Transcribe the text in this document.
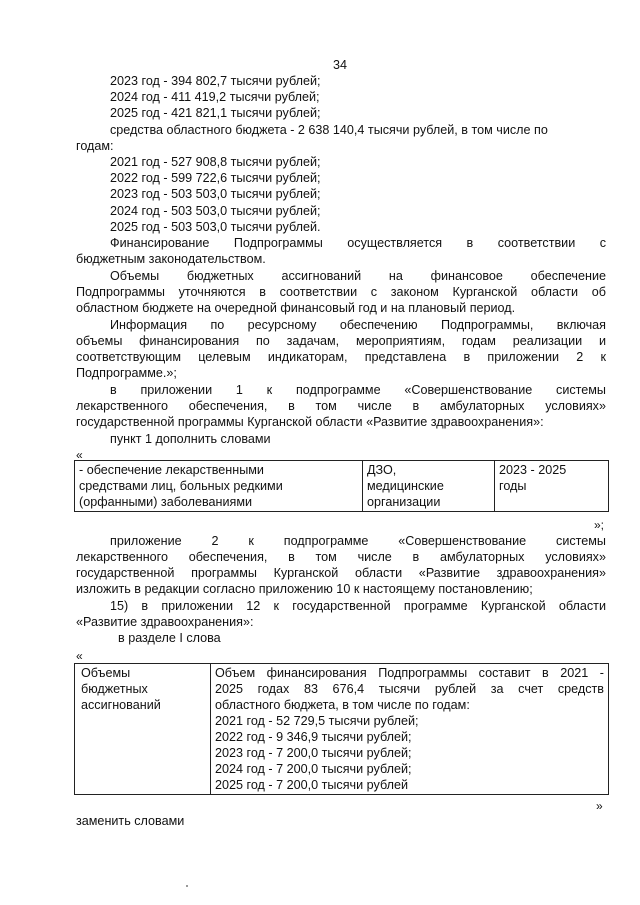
34
2023 год - 394 802,7 тысячи рублей;
2024 год - 411 419,2 тысячи рублей;
2025 год - 421 821,1 тысячи рублей;
средства областного бюджета - 2 638 140,4 тысячи рублей, в том числе по
годам:
2021 год - 527 908,8 тысячи рублей;
2022 год - 599 722,6 тысячи рублей;
2023 год - 503 503,0 тысячи рублей;
2024 год - 503 503,0 тысячи рублей;
2025 год - 503 503,0 тысячи рублей.
Финансирование Подпрограммы осуществляется в соответствии с
бюджетным законодательством.
Объемы бюджетных ассигнований на финансовое обеспечение
Подпрограммы уточняются в соответствии с законом Курганской области об
областном бюджете на очередной финансовый год и на плановый период.
Информация по ресурсному обеспечению Подпрограммы, включая
объемы финансирования по задачам, мероприятиям, годам реализации и
соответствующим целевым индикаторам, представлена в приложении 2 к
Подпрограмме.»;
в приложении 1 к подпрограмме «Совершенствование системы
лекарственного обеспечения, в том числе в амбулаторных условиях»
государственной программы Курганской области «Развитие здравоохранения»:
пункт 1 дополнить словами
«
- обеспечение лекарственными
средствами лиц, больных редкими
(орфанными) заболеваниями

ДЗО,
медицинские
организации

2023 - 2025
годы
»;
приложение 2 к подпрограмме «Совершенствование системы
лекарственного обеспечения, в том числе в амбулаторных условиях»
государственной программы Курганской области «Развитие здравоохранения»
изложить в редакции согласно приложению 10 к настоящему постановлению;
15) в приложении 12 к государственной программе Курганской области
«Развитие здравоохранения»:
в разделе I слова
«
Объемы
бюджетных
ассигнований

Объем финансирования Подпрограммы составит в 2021 -
2025 годах 83 676,4 тысячи рублей за счет средств
областного бюджета, в том числе по годам:
2021 год - 52 729,5 тысячи рублей;
2022 год - 9 346,9 тысячи рублей;
2023 год - 7 200,0 тысячи рублей;
2024 год - 7 200,0 тысячи рублей;
2025 год - 7 200,0 тысячи рублей
»
заменить словами
